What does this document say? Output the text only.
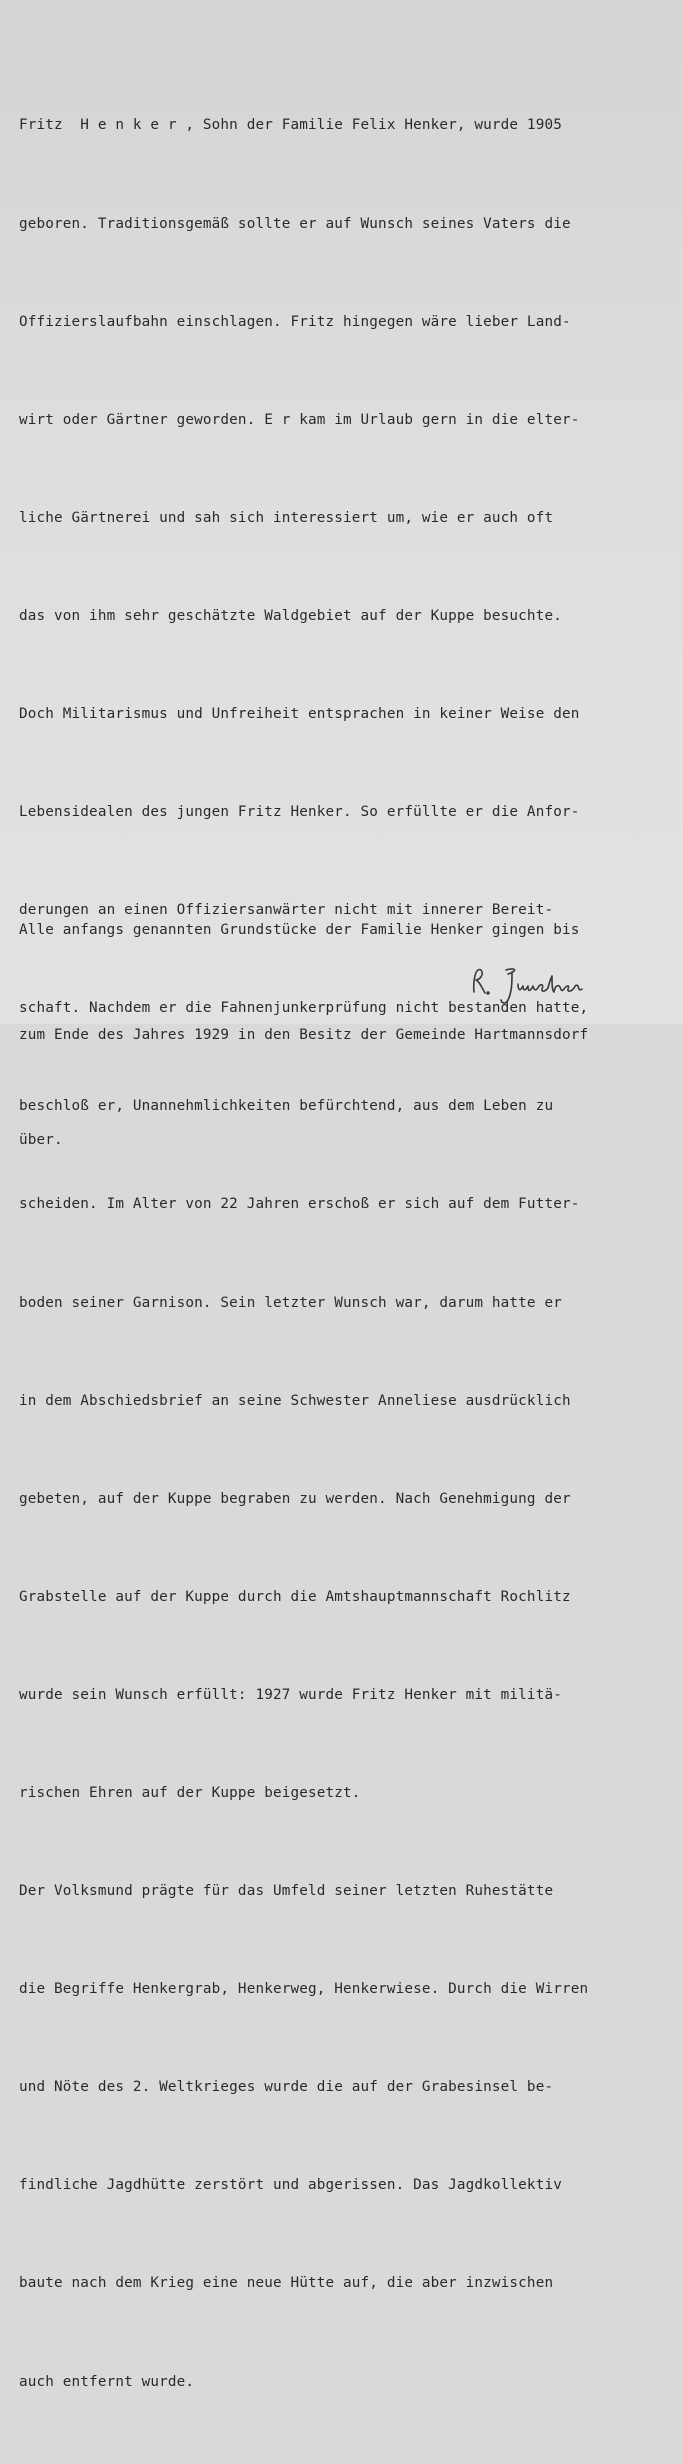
Fritz  H e n k e r , Sohn der Familie Felix Henker, wurde 1905

geboren. Traditionsgemäß sollte er auf Wunsch seines Vaters die

Offizierslaufbahn einschlagen. Fritz hingegen wäre lieber Land-

wirt oder Gärtner geworden. E r kam im Urlaub gern in die elter-

liche Gärtnerei und sah sich interessiert um, wie er auch oft

das von ihm sehr geschätzte Waldgebiet auf der Kuppe besuchte.

Doch Militarismus und Unfreiheit entsprachen in keiner Weise den

Lebensidealen des jungen Fritz Henker. So erfüllte er die Anfor-

derungen an einen Offiziersanwärter nicht mit innerer Bereit-

schaft. Nachdem er die Fahnenjunkerprüfung nicht bestanden hatte,

beschloß er, Unannehmlichkeiten befürchtend, aus dem Leben zu

scheiden. Im Alter von 22 Jahren erschoß er sich auf dem Futter-

boden seiner Garnison. Sein letzter Wunsch war, darum hatte er

in dem Abschiedsbrief an seine Schwester Anneliese ausdrücklich

gebeten, auf der Kuppe begraben zu werden. Nach Genehmigung der

Grabstelle auf der Kuppe durch die Amtshauptmannschaft Rochlitz

wurde sein Wunsch erfüllt: 1927 wurde Fritz Henker mit militä-

rischen Ehren auf der Kuppe beigesetzt.

Der Volksmund prägte für das Umfeld seiner letzten Ruhestätte

die Begriffe Henkergrab, Henkerweg, Henkerwiese. Durch die Wirren

und Nöte des 2. Weltkrieges wurde die auf der Grabesinsel be-

findliche Jagdhütte zerstört und abgerissen. Das Jagdkollektiv

baute nach dem Krieg eine neue Hütte auf, die aber inzwischen

auch entfernt wurde.

Alle anfangs genannten Grundstücke der Familie Henker gingen bis

zum Ende des Jahres 1929 in den Besitz der Gemeinde Hartmannsdorf

über.
